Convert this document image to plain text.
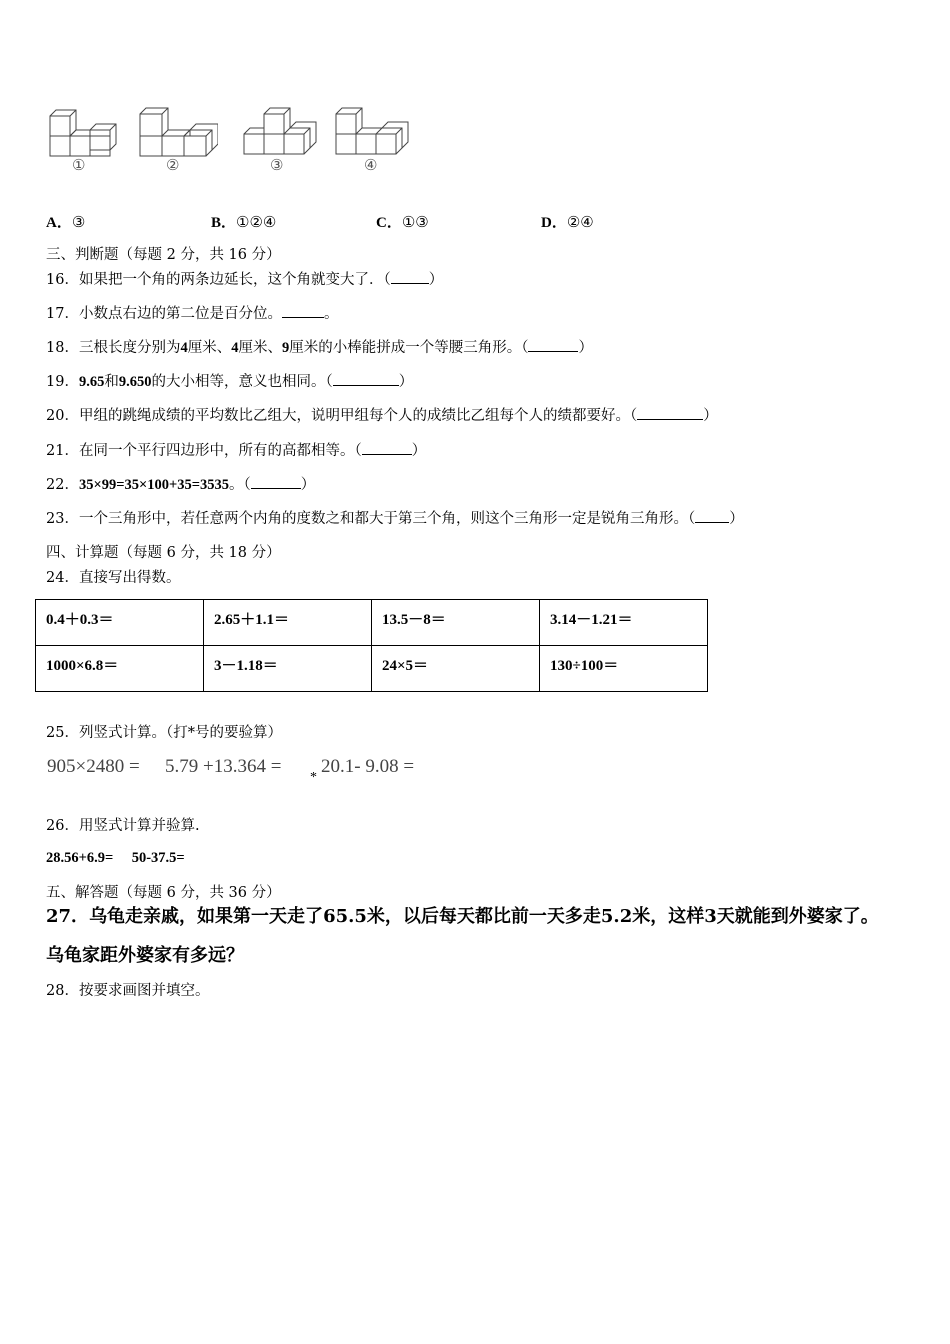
①	②	③	④
A．③	B．①②④	C．①③	D．②④
三、判断题（每题 2 分，共 16 分）
16．如果把一个角的两条边延长，这个角就变大了．（	）
17．小数点右边的第二位是百分位。	。
18．三根长度分别为4厘米、4厘米、9厘米的小棒能拼成一个等腰三角形。（	）
19．9.65和9.650的大小相等，意义也相同。（	）
20．甲组的跳绳成绩的平均数比乙组大，说明甲组每个人的成绩比乙组每个人的绩都要好。（	）
21．在同一个平行四边形中，所有的高都相等。（	）
22．35×99=35×100+35=3535。（	）
23．一个三角形中，若任意两个内角的度数之和都大于第三个角，则这个三角形一定是锐角三角形。（ ）
四、计算题（每题 6 分，共 18 分）
24．直接写出得数。
0.4＋0.3＝	2.65＋1.1＝	13.5－8＝	3.14－1.21＝
1000×6.8＝	3－1.18＝	24×5＝	130÷100＝
25．列竖式计算。（打*号的要验算）
905×2480 = 5.79 +13.364 =
*
20.1- 9.08 =
26．用竖式计算并验算.
28.56+6.9= 50-37.5=
五、解答题（每题 6 分，共 36 分）
27．乌龟走亲戚，如果第一天走了65.5米，以后每天都比前一天多走5.2米，这样3天就能到外婆家了。
乌龟家距外婆家有多远？
28．按要求画图并填空。
